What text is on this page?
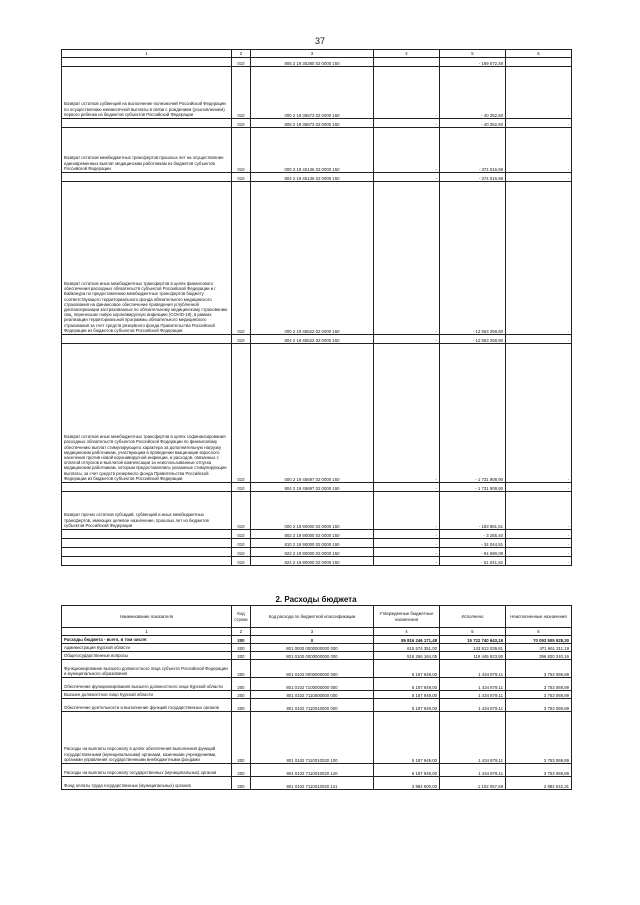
37
1	2	3	4	5	6
	010	805 2 19 35380 02 0000 150		- 169 572,48	
Возврат остатков субвенций на выполнение полномочий Российской Федерации по осуществлению ежемесячной выплаты в связи с рождением (усыновлением) первого ребенка из бюджетов субъектов Российской Федерации	010	000 2 19 35573 02 0000 150	-	- 40 352,60	-
	010	805 2 19 35573 02 0000 150	-	- 40 352,60	-
Возврат остатков межбюджетных трансфертов прошлых лет на осуществление единовременных выплат медицинским работникам из бюджетов субъектов Российской Федерации	010	000 2 19 45136 02 0000 150	-	- 374 516,98	-
	010	804 2 19 45136 02 0000 150	-	- 374 516,98	-
Возврат остатков иных межбюджетных трансфертов в целях финансового обеспечения расходных обязательств субъектов Российской Федерации и г. Байконура по предоставлению межбюджетных трансфертов бюджету соответствующего территориального фонда обязательного медицинского страхования на финансовое обеспечение проведения углубленной диспансеризации застрахованных по обязательному медицинскому страхованию лиц, перенесших новую коронавирусную инфекцию (COVID-19), в рамках реализации территориальной программы обязательного медицинского страхования за счет средств резервного фонда Правительства Российской Федерации из бюджетов субъектов Российской Федерации	010	000 2 19 45622 02 0000 150	-	- 12 553 259,80	-
	010	804 2 19 45622 02 0000 150	-	- 12 553 259,80	-
Возврат остатков иных межбюджетных трансфертов в целях софинансирования расходных обязательств субъектов Российской Федерации по финансовому обеспечению выплат стимулирующего характера за дополнительную нагрузку медицинским работникам, участвующим в проведении вакцинации взрослого населения против новой коронавирусной инфекции, и расходов, связанных с оплатой отпусков и выплатой компенсации за неиспользованные отпуска медицинским работникам, которым предоставлялись указанные стимулирующие выплаты, за счет средств резервного фонда Правительства Российской Федерации из бюджетов субъектов Российской Федерации	010	000 2 19 45697 02 0000 150	-	- 1 731 908,90	-
	010	804 2 19 45697 02 0000 150	-	- 1 731 908,90	-
Возврат прочих остатков субсидий, субвенций и иных межбюджетных трансфертов, имеющих целевое назначение, прошлых лет из бюджетов субъектов Российской Федерации	010	000 2 19 90000 02 0000 150	-	- 183 881,61	-
	010	802 2 19 90000 02 0000 150	-	- 3 265,40	-
	010	810 2 19 90000 02 0000 150	-	- 34 044,51	-
	010	822 2 19 90000 02 0000 150	-	- 94 690,08	-
	010	824 2 19 90000 02 0000 150	-	- 51 041,62	-
2. Расходы бюджета
Наименование показателя	Код строки	Код расхода по бюджетной классификации	Утвержденные бюджетные назначения	Исполнено	Неисполненные назначения
1	2	3	4	5	6
Расходы бюджета - всего, в том числе:	200	X	85 816 246 171,48	15 722 740 643,18	70 093 505 528,30
Администрация Курской области	200	801 0000 0000000000 000	615 574 351,00	143 913 039,81	471 661 311,19
Общегосударственные вопросы	200	801 0100 0000000000 000	516 266 164,05	119 445 923,90	396 820 240,16
Функционирование высшего должностного лица субъекта Российской Федерации и муниципального образования	200	801 0102 0000000000 000	5 187 949,00	1 434 879,11	3 753 069,89
Обеспечение функционирования высшего должностного лица Курской области	200	801 0102 7100000000 000	5 187 949,00	1 434 879,11	3 753 069,89
Высшее должностное лицо Курской области	200	801 0102 7110000000 000	5 187 949,00	1 434 879,11	3 753 069,89
Обеспечение деятельности и выполнение функций государственных органов	200	801 0102 7110010000 000	5 187 949,00	1 434 879,11	3 753 069,89
Расходы на выплаты персоналу в целях обеспечения выполнения функций государственными (муниципальными) органами, казенными учреждениями, органами управления государственными внебюджетными фондами	200	801 0102 7110010020 100	5 187 949,00	1 434 879,11	3 753 069,89
Расходы на выплаты персоналу государственных (муниципальных) органов	200	801 0102 7110010020 120	5 187 949,00	1 434 879,11	3 753 069,89
Фонд оплаты труда государственных (муниципальных) органов	200	801 0102 7110010020 121	3 984 600,00	1 102 057,69	2 882 542,31
